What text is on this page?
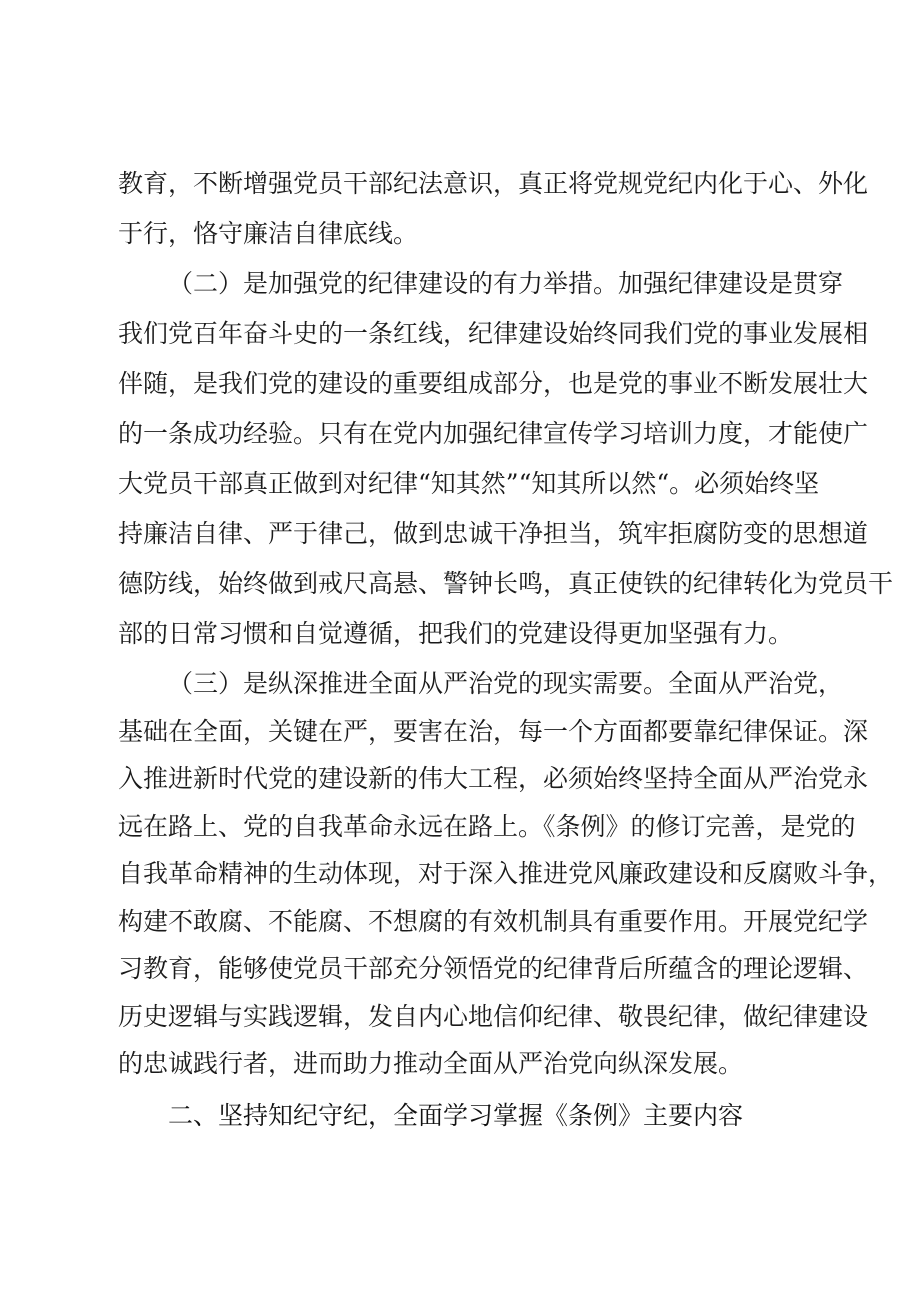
教育，不断增强党员干部纪法意识，真正将党规党纪内化于心、外化
于行，恪守廉洁自律底线。
（二）是加强党的纪律建设的有力举措。加强纪律建设是贯穿
我们党百年奋斗史的一条红线，纪律建设始终同我们党的事业发展相
伴随，是我们党的建设的重要组成部分，也是党的事业不断发展壮大
的一条成功经验。只有在党内加强纪律宣传学习培训力度，才能使广
大党员干部真正做到对纪律“知其然”“知其所以然“。必须始终坚
持廉洁自律、严于律己，做到忠诚干净担当，筑牢拒腐防变的思想道
德防线，始终做到戒尺高悬、警钟长鸣，真正使铁的纪律转化为党员干
部的日常习惯和自觉遵循，把我们的党建设得更加坚强有力。
（三）是纵深推进全面从严治党的现实需要。全面从严治党，
基础在全面，关键在严，要害在治，每一个方面都要靠纪律保证。深
入推进新时代党的建设新的伟大工程，必须始终坚持全面从严治党永
远在路上、党的自我革命永远在路上。《条例》的修订完善，是党的
自我革命精神的生动体现，对于深入推进党风廉政建设和反腐败斗争，
构建不敢腐、不能腐、不想腐的有效机制具有重要作用。开展党纪学
习教育，能够使党员干部充分领悟党的纪律背后所蕴含的理论逻辑、
历史逻辑与实践逻辑，发自内心地信仰纪律、敬畏纪律，做纪律建设
的忠诚践行者，进而助力推动全面从严治党向纵深发展。
二、坚持知纪守纪，全面学习掌握《条例》主要内容
